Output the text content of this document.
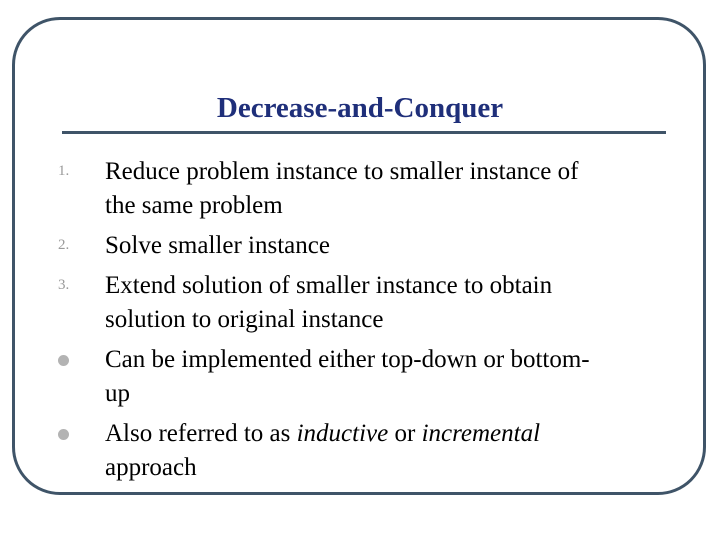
Decrease-and-Conquer
1. Reduce problem instance to smaller instance of
the same problem
2. Solve smaller instance
3. Extend solution of smaller instance to obtain
solution to original instance
Can be implemented either top-down or bottom-
up
Also referred to as inductive or incremental
approach
